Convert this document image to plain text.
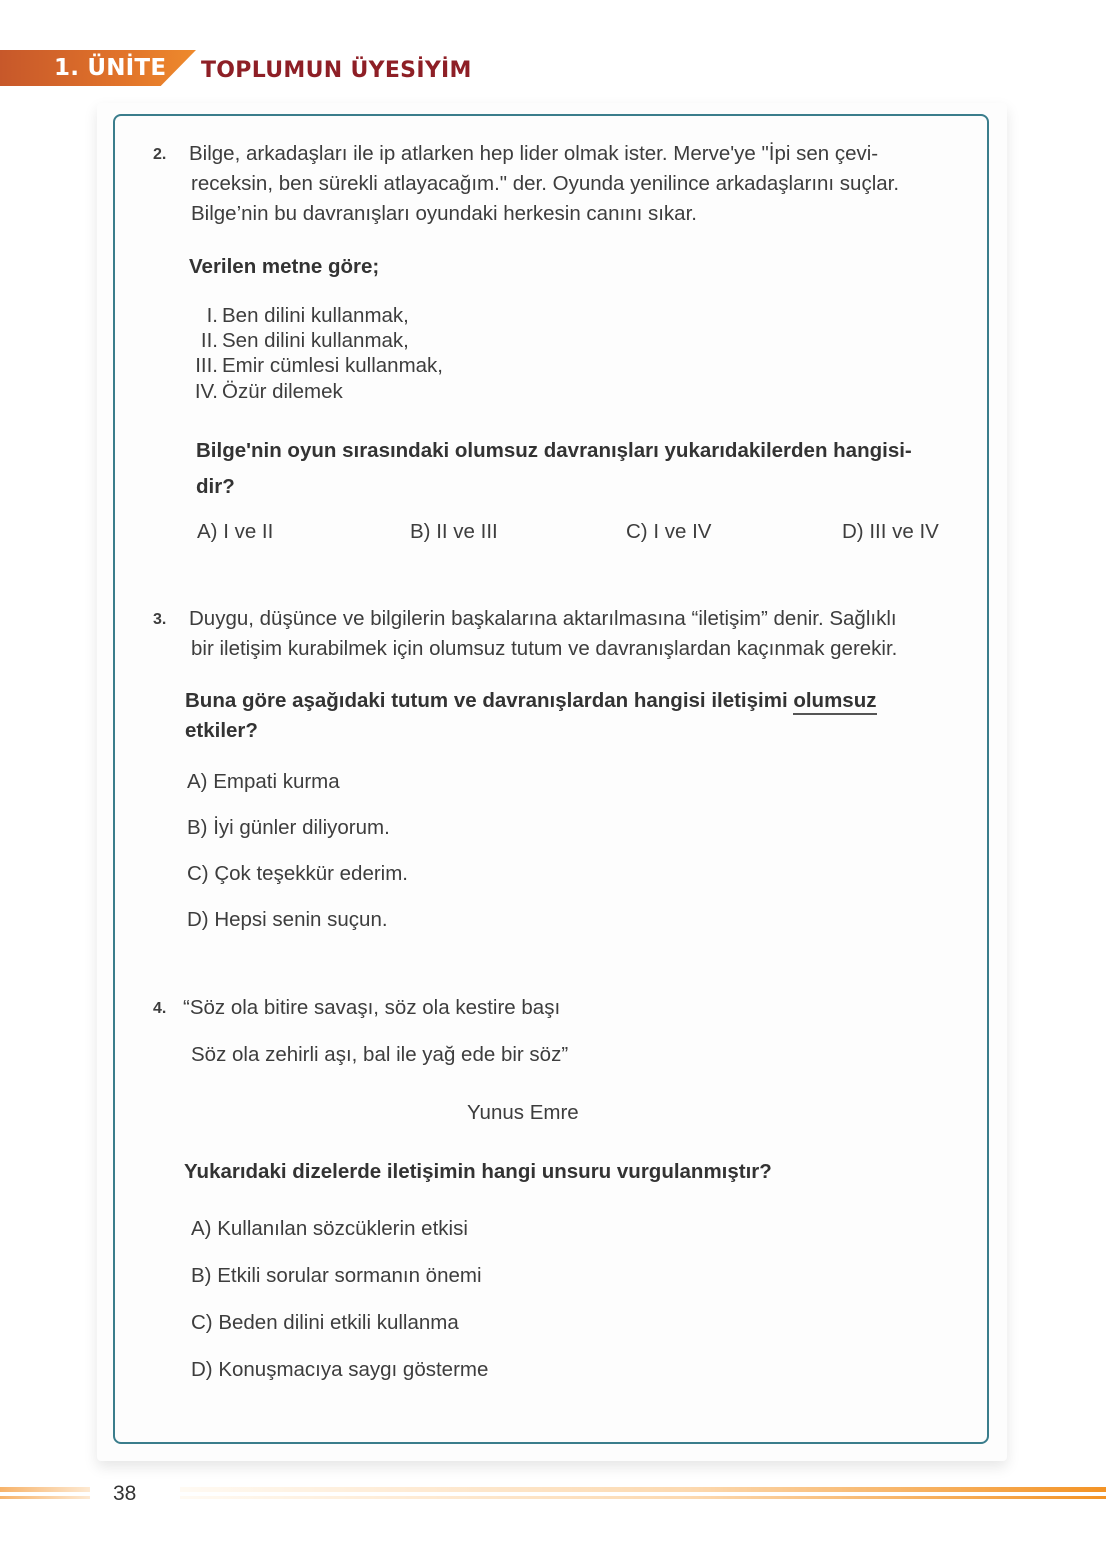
1. ÜNİTE TOPLUMUN ÜYESİYİM
2. Bilge, arkadaşları ile ip atlarken hep lider olmak ister. Merve'ye "İpi sen çevi-
receksin, ben sürekli atlayacağım." der. Oyunda yenilince arkadaşlarını suçlar.
Bilge’nin bu davranışları oyundaki herkesin canını sıkar.
Verilen metne göre;
I. Ben dilini kullanmak,
II. Sen dilini kullanmak,
III. Emir cümlesi kullanmak,
IV. Özür dilemek
Bilge'nin oyun sırasındaki olumsuz davranışları yukarıdakilerden hangisi-
dir?
A) I ve II	B) II ve III	C) I ve IV	D) III ve IV
3. Duygu, düşünce ve bilgilerin başkalarına aktarılmasına “iletişim” denir. Sağlıklı
bir iletişim kurabilmek için olumsuz tutum ve davranışlardan kaçınmak gerekir.
Buna göre aşağıdaki tutum ve davranışlardan hangisi iletişimi olumsuz
etkiler?
A) Empati kurma
B) İyi günler diliyorum.
C) Çok teşekkür ederim.
D) Hepsi senin suçun.
4. “Söz ola bitire savaşı, söz ola kestire başı
Söz ola zehirli aşı, bal ile yağ ede bir söz”
Yunus Emre
Yukarıdaki dizelerde iletişimin hangi unsuru vurgulanmıştır?
A) Kullanılan sözcüklerin etkisi
B) Etkili sorular sormanın önemi
C) Beden dilini etkili kullanma
D) Konuşmacıya saygı gösterme
38
